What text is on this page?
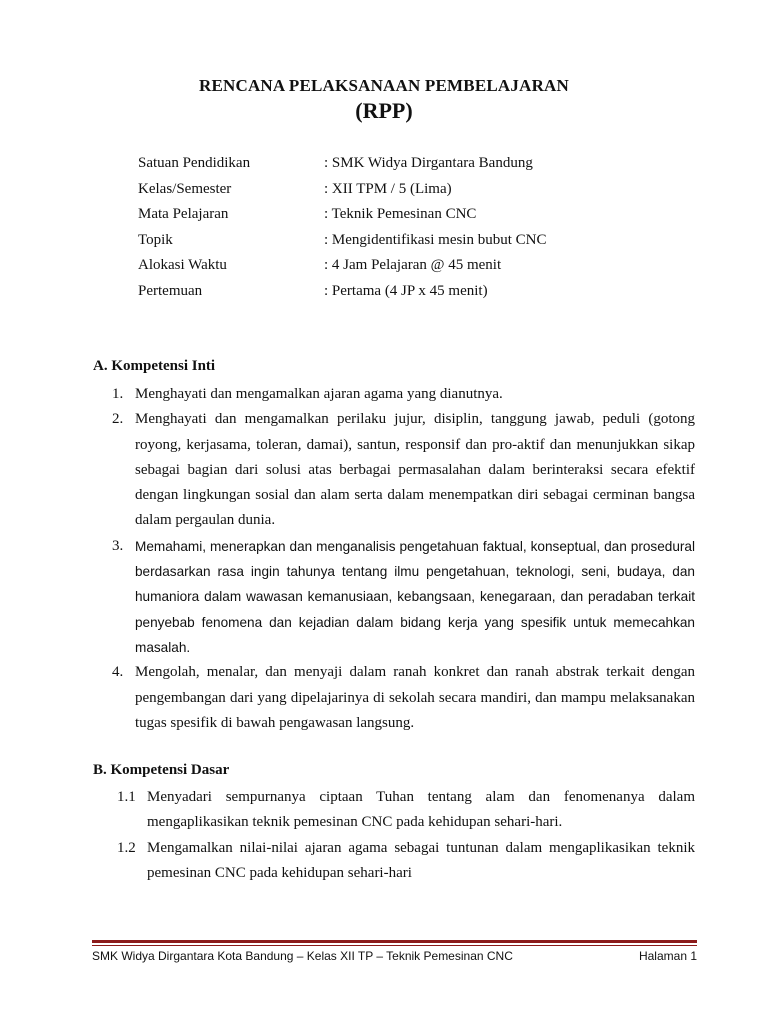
RENCANA PELAKSANAAN PEMBELAJARAN
(RPP)
Satuan Pendidikan	: SMK Widya Dirgantara Bandung
Kelas/Semester	: XII TPM / 5 (Lima)
Mata Pelajaran	: Teknik Pemesinan CNC
Topik	: Mengidentifikasi mesin bubut CNC
Alokasi Waktu	: 4 Jam Pelajaran @ 45 menit
Pertemuan	: Pertama (4 JP x 45 menit)
A. Kompetensi Inti
1. Menghayati dan mengamalkan ajaran agama yang dianutnya.
2. Menghayati dan mengamalkan perilaku jujur, disiplin, tanggung jawab, peduli (gotong royong, kerjasama, toleran, damai), santun, responsif dan pro-aktif dan menunjukkan sikap sebagai bagian dari solusi atas berbagai permasalahan dalam berinteraksi secara efektif dengan lingkungan sosial dan alam serta dalam menempatkan diri sebagai cerminan bangsa dalam pergaulan dunia.
3. Memahami, menerapkan dan menganalisis pengetahuan faktual, konseptual, dan prosedural berdasarkan rasa ingin tahunya tentang ilmu pengetahuan, teknologi, seni, budaya, dan humaniora dalam wawasan kemanusiaan, kebangsaan, kenegaraan, dan peradaban terkait penyebab fenomena dan kejadian dalam bidang kerja yang spesifik untuk memecahkan masalah.
4. Mengolah, menalar, dan menyaji dalam ranah konkret dan ranah abstrak terkait dengan pengembangan dari yang dipelajarinya di sekolah secara mandiri, dan mampu melaksanakan tugas spesifik di bawah pengawasan langsung.
B. Kompetensi Dasar
1.1 Menyadari sempurnanya ciptaan Tuhan tentang alam dan fenomenanya dalam mengaplikasikan teknik pemesinan CNC pada kehidupan sehari-hari.
1.2 Mengamalkan nilai-nilai ajaran agama sebagai tuntunan dalam mengaplikasikan teknik pemesinan CNC pada kehidupan sehari-hari
SMK Widya Dirgantara Kota Bandung – Kelas XII TP – Teknik Pemesinan CNC	Halaman 1
